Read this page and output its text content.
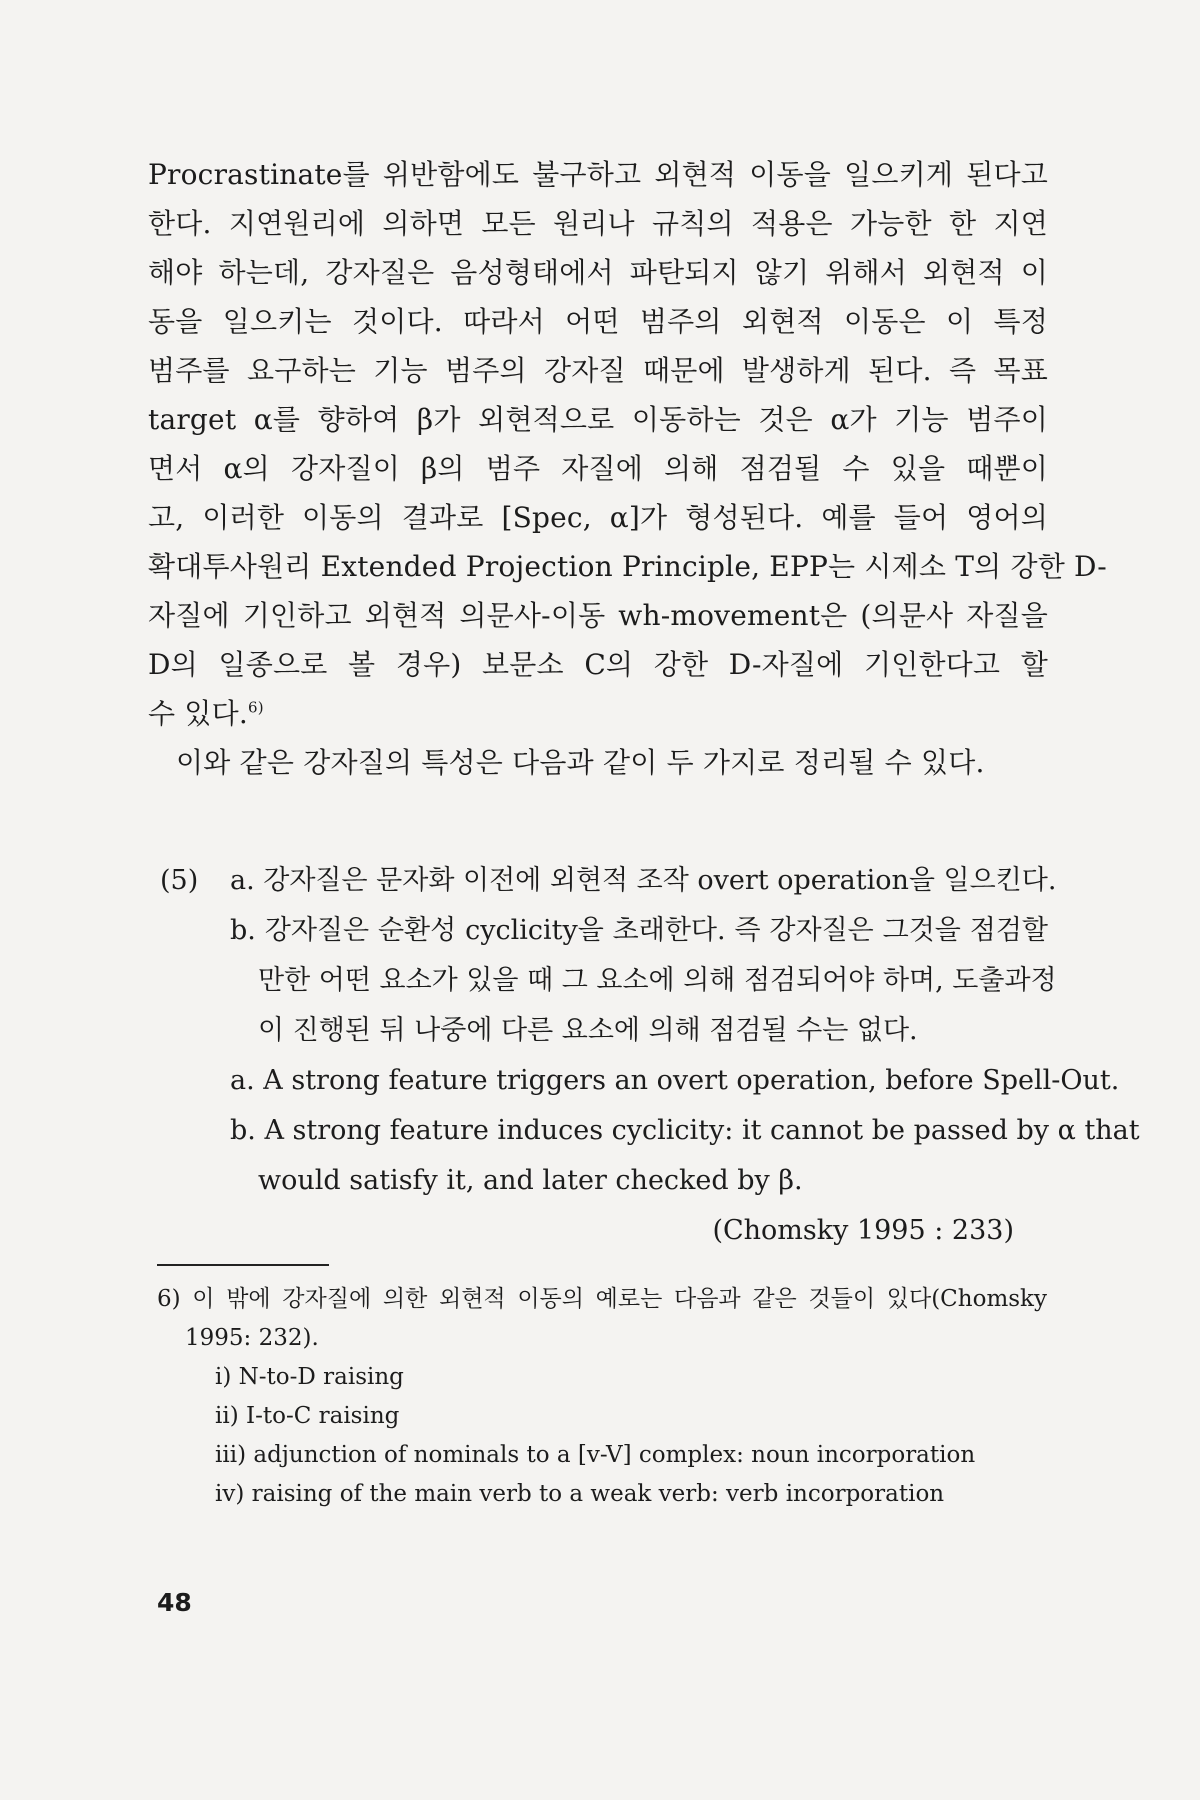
Procrastinate를 위반함에도 불구하고 외현적 이동을 일으키게 된다고
한다. 지연원리에 의하면 모든 원리나 규칙의 적용은 가능한 한 지연
해야 하는데, 강자질은 음성형태에서 파탄되지 않기 위해서 외현적 이
동을 일으키는 것이다. 따라서 어떤 범주의 외현적 이동은 이 특정
범주를 요구하는 기능 범주의 강자질 때문에 발생하게 된다. 즉 목표
target α를 향하여 β가 외현적으로 이동하는 것은 α가 기능 범주이
면서 α의 강자질이 β의 범주 자질에 의해 점검될 수 있을 때뿐이
고, 이러한 이동의 결과로 [Spec, α]가 형성된다. 예를 들어 영어의
확대투사원리 Extended Projection Principle, EPP는 시제소 T의 강한 D-
자질에 기인하고 외현적 의문사-이동 wh-movement은 (의문사 자질을
D의 일종으로 볼 경우) 보문소 C의 강한 D-자질에 기인한다고 할
수 있다.$^{6)}$
이와 같은 강자질의 특성은 다음과 같이 두 가지로 정리될 수 있다.
(5) a. 강자질은 문자화 이전에 외현적 조작 overt operation을 일으킨다.
b. 강자질은 순환성 cyclicity을 초래한다. 즉 강자질은 그것을 점검할
만한 어떤 요소가 있을 때 그 요소에 의해 점검되어야 하며, 도출과정
이 진행된 뒤 나중에 다른 요소에 의해 점검될 수는 없다.
a. A strong feature triggers an overt operation, before Spell-Out.
b. A strong feature induces cyclicity: it cannot be passed by α that
would satisfy it, and later checked by β.
(Chomsky 1995 : 233)
6) 이 밖에 강자질에 의한 외현적 이동의 예로는 다음과 같은 것들이 있다(Chomsky
1995: 232).
i) N-to-D raising
ii) I-to-C raising
iii) adjunction of nominals to a [v-V] complex: noun incorporation
iv) raising of the main verb to a weak verb: verb incorporation
48
